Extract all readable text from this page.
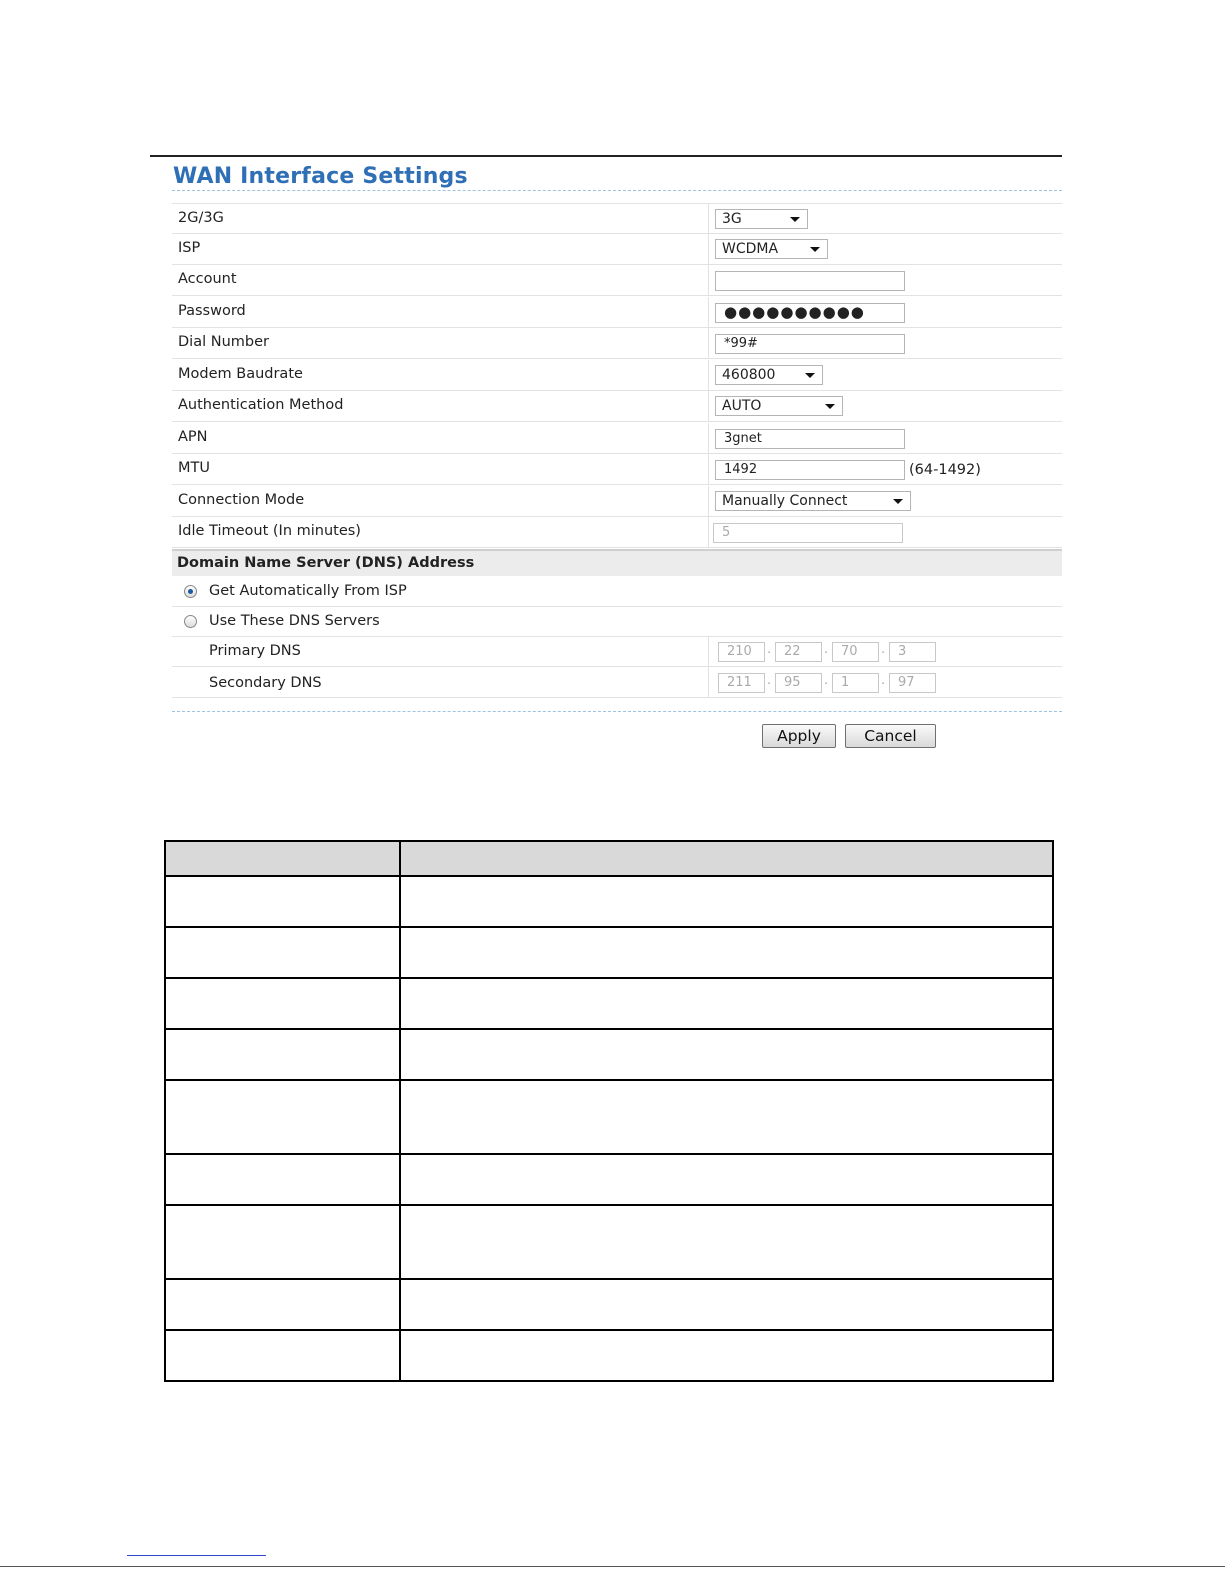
WAN Interface Settings
2G/3G	3G
ISP	WCDMA
Account
Password	●●●●●●●●●●
Dial Number	*99#
Modem Baudrate	460800
Authentication Method	AUTO
APN	3gnet
MTU	1492	(64-1492)
Connection Mode	Manually Connect
Idle Timeout (In minutes)	5
Domain Name Server (DNS) Address
Get Automatically From ISP
Use These DNS Servers
Primary DNS	210	. 22	. 70	. 3
Secondary DNS	211	. 95	. 1	. 97
Apply	Cancel
